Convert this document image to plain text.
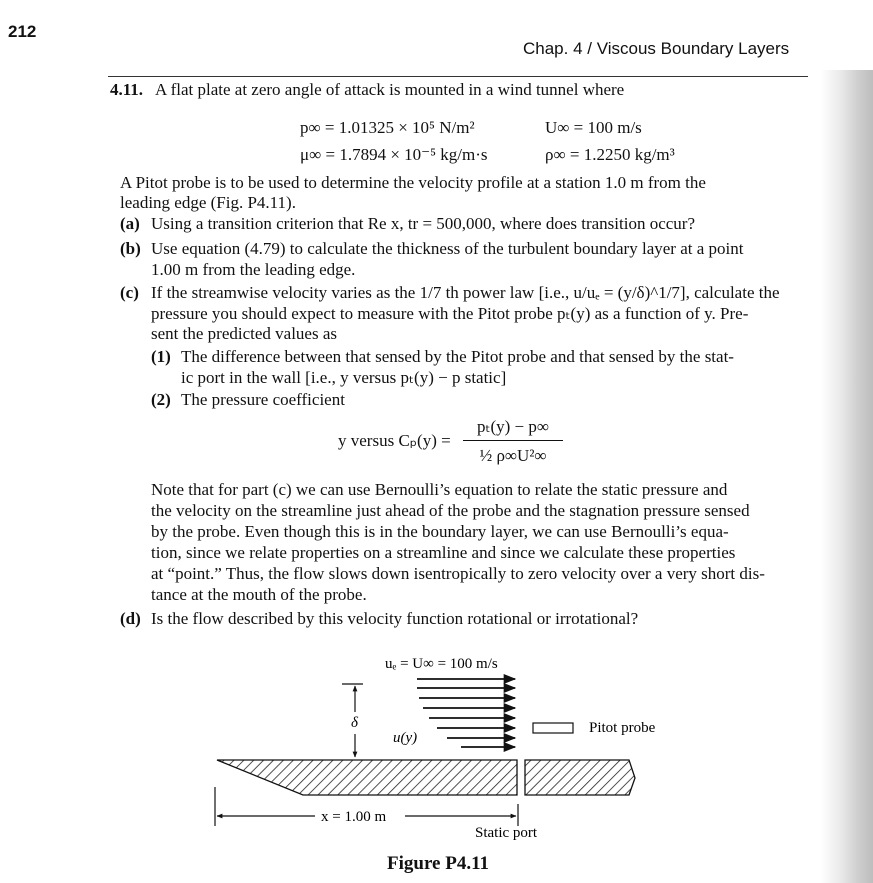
212
Chap. 4 / Viscous Boundary Layers
4.11. A flat plate at zero angle of attack is mounted in a wind tunnel where
p∞ = 1.01325 × 10⁵ N/m²	U∞ = 100 m/s
μ∞ = 1.7894 × 10⁻⁵ kg/m·s	ρ∞ = 1.2250 kg/m³
A Pitot probe is to be used to determine the velocity profile at a station 1.0 m from the
leading edge (Fig. P4.11).
(a) Using a transition criterion that Re x, tr = 500,000, where does transition occur?
(b) Use equation (4.79) to calculate the thickness of the turbulent boundary layer at a point
1.00 m from the leading edge.
(c) If the streamwise velocity varies as the 1/7 th power law [i.e., u/uₑ = (y/δ)^1/7], calculate the
pressure you should expect to measure with the Pitot probe pₜ(y) as a function of y. Pre-
sent the predicted values as
(1) The difference between that sensed by the Pitot probe and that sensed by the stat-
ic port in the wall [i.e., y versus pₜ(y) − p static]
(2) The pressure coefficient
y versus Cₚ(y) =
pₜ(y) − p∞
½ ρ∞U²∞
Note that for part (c) we can use Bernoulli’s equation to relate the static pressure and
the velocity on the streamline just ahead of the probe and the stagnation pressure sensed
by the probe. Even though this is in the boundary layer, we can use Bernoulli’s equa-
tion, since we relate properties on a streamline and since we calculate these properties
at “point.” Thus, the flow slows down isentropically to zero velocity over a very short dis-
tance at the mouth of the probe.
(d) Is the flow described by this velocity function rotational or irrotational?
δ
uₑ = U∞ = 100 m/s
u(y)
Pitot probe
x = 1.00 m
Static port
Figure P4.11
